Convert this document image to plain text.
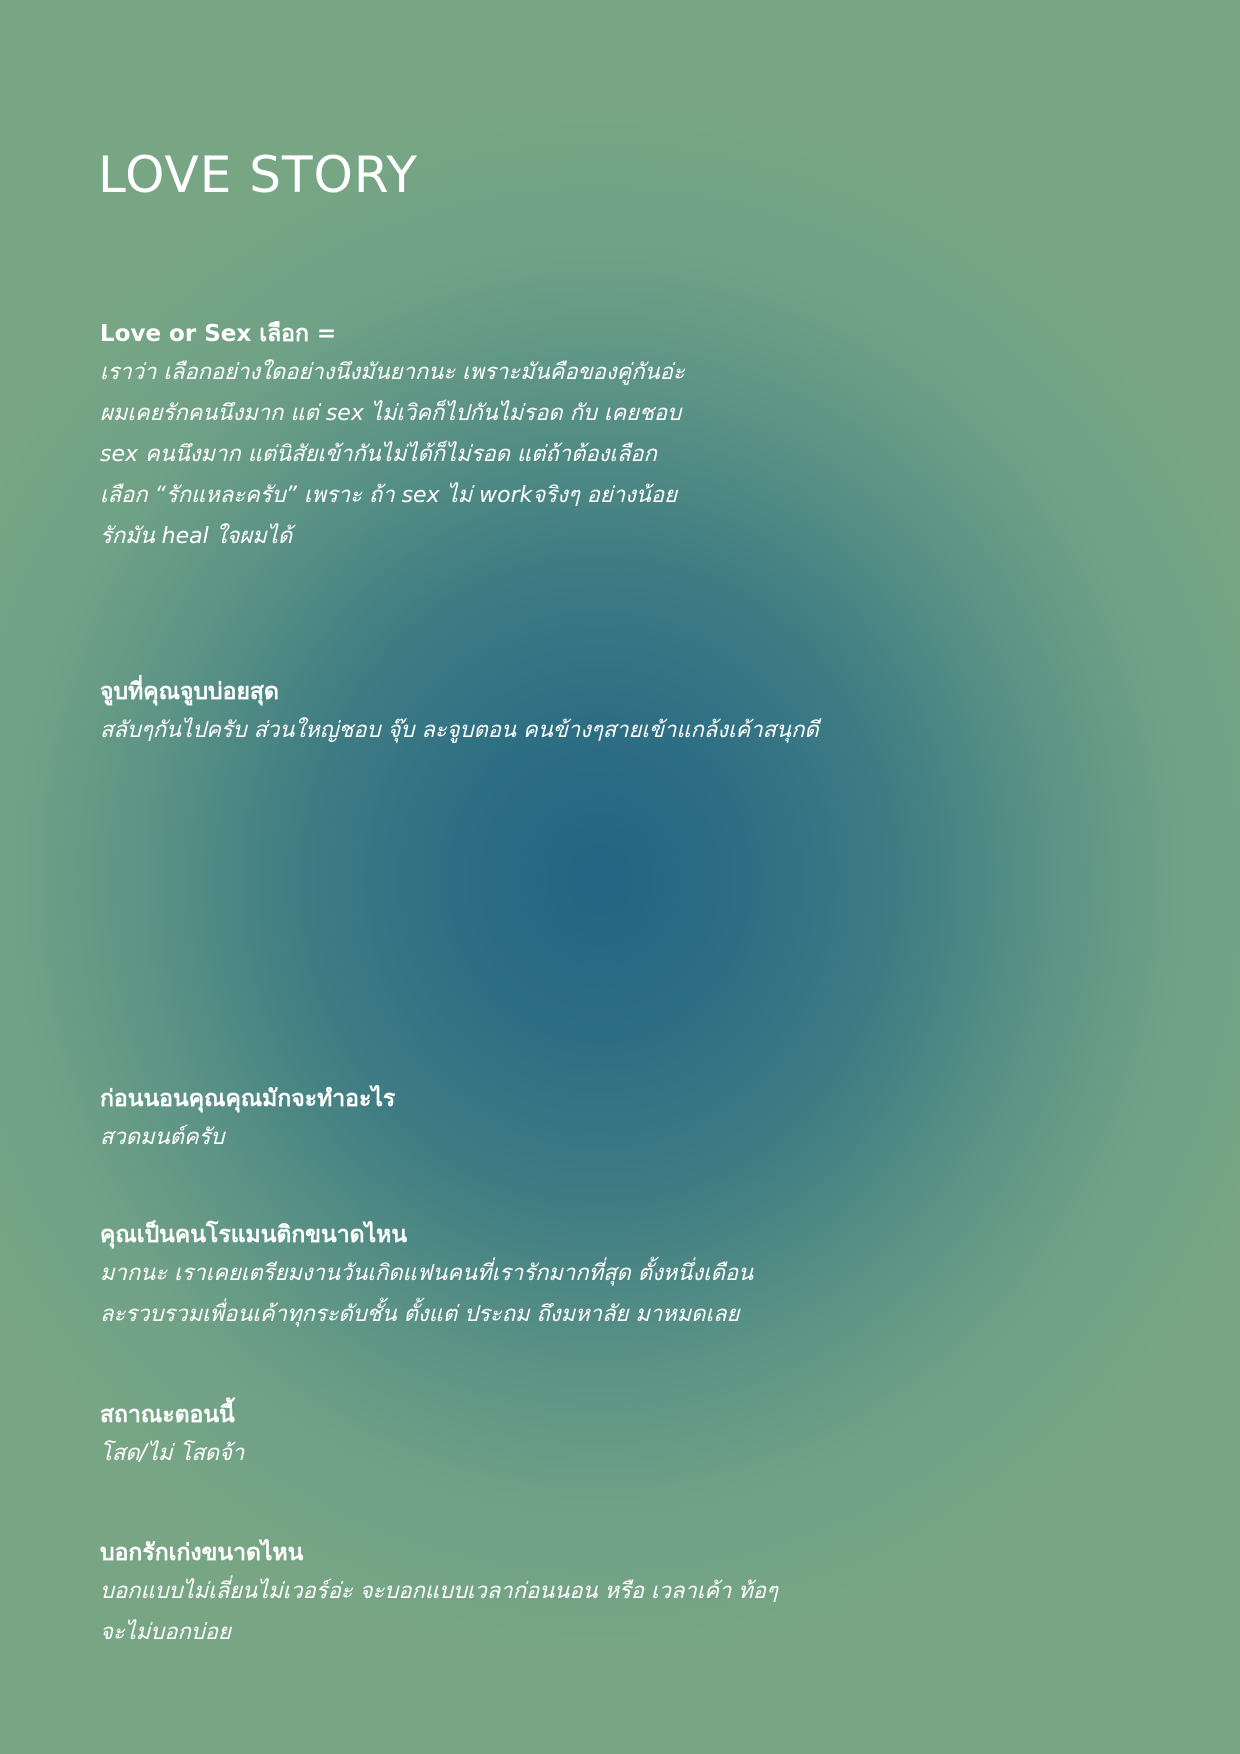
LOVE STORY
Love or Sex เลือก =
เราว่า เลือกอย่างใดอย่างนึงมันยากนะ เพราะมันคือของคู่กันอ่ะ
ผมเคยรักคนนึงมาก แต่ sex ไม่เวิคก็ไปกันไม่รอด กับ เคยชอบ
sex คนนึงมาก แต่นิสัยเข้ากันไม่ได้ก็ไม่รอด แต่ถ้าต้องเลือก
เลือก “รักแหละครับ” เพราะ ถ้า sex ไม่ workจริงๆ อย่างน้อย
รักมัน heal ใจผมได้
จูบที่คุณจูบบ่อยสุด
สลับๆกันไปครับ ส่วนใหญ่ชอบ จุ๊บ ละจูบตอน คนข้างๆสายเข้าแกล้งเค้าสนุกดี
ก่อนนอนคุณคุณมักจะทำอะไร
สวดมนต์ครับ
คุณเป็นคนโรแมนติกขนาดไหน
มากนะ เราเคยเตรียมงานวันเกิดแฟนคนที่เรารักมากที่สุด ตั้งหนึ่งเดือน
ละรวบรวมเพื่อนเค้าทุกระดับชั้น ตั้งแต่ ประถม ถึงมหาลัย มาหมดเลย
สถาณะตอนนี้
โสด/ไม่ โสดจ้า
บอกรักเก่งขนาดไหน
บอกแบบไม่เลี่ยนไม่เวอร์อ่ะ จะบอกแบบเวลาก่อนนอน หรือ เวลาเค้า ท้อๆ
จะไม่บอกบ่อย
